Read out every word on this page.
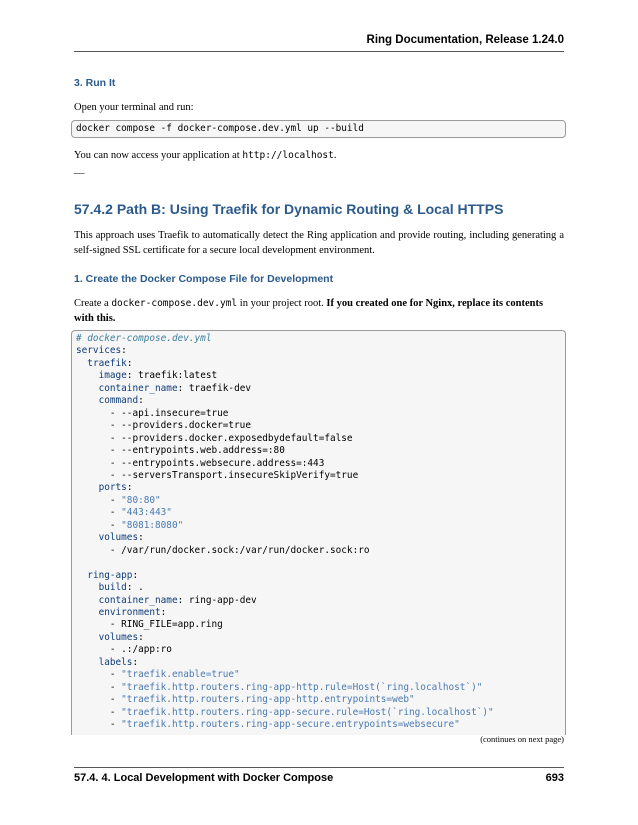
Ring Documentation, Release 1.24.0
3. Run It
Open your terminal and run:
docker compose -f docker-compose.dev.yml up --build
You can now access your application at http://localhost.
—
57.4.2 Path B: Using Traefik for Dynamic Routing & Local HTTPS
This approach uses Traefik to automatically detect the Ring application and provide routing, including generating a self-signed SSL certificate for a secure local development environment.
1. Create the Docker Compose File for Development
Create a docker-compose.dev.yml in your project root. If you created one for Nginx, replace its contents with this.
# docker-compose.dev.yml
services:
traefik:
image: traefik:latest
container_name: traefik-dev
command:
- --api.insecure=true
- --providers.docker=true
- --providers.docker.exposedbydefault=false
- --entrypoints.web.address=:80
- --entrypoints.websecure.address=:443
- --serversTransport.insecureSkipVerify=true
ports:
- "80:80"
- "443:443"
- "8081:8080"
volumes:
- /var/run/docker.sock:/var/run/docker.sock:ro

ring-app:
build: .
container_name: ring-app-dev
environment:
- RING_FILE=app.ring
volumes:
- .:/app:ro
labels:
- "traefik.enable=true"
- "traefik.http.routers.ring-app-http.rule=Host(`ring.localhost`)"
- "traefik.http.routers.ring-app-http.entrypoints=web"
- "traefik.http.routers.ring-app-secure.rule=Host(`ring.localhost`)"
- "traefik.http.routers.ring-app-secure.entrypoints=websecure"
(continues on next page)
57.4. 4. Local Development with Docker Compose	693
